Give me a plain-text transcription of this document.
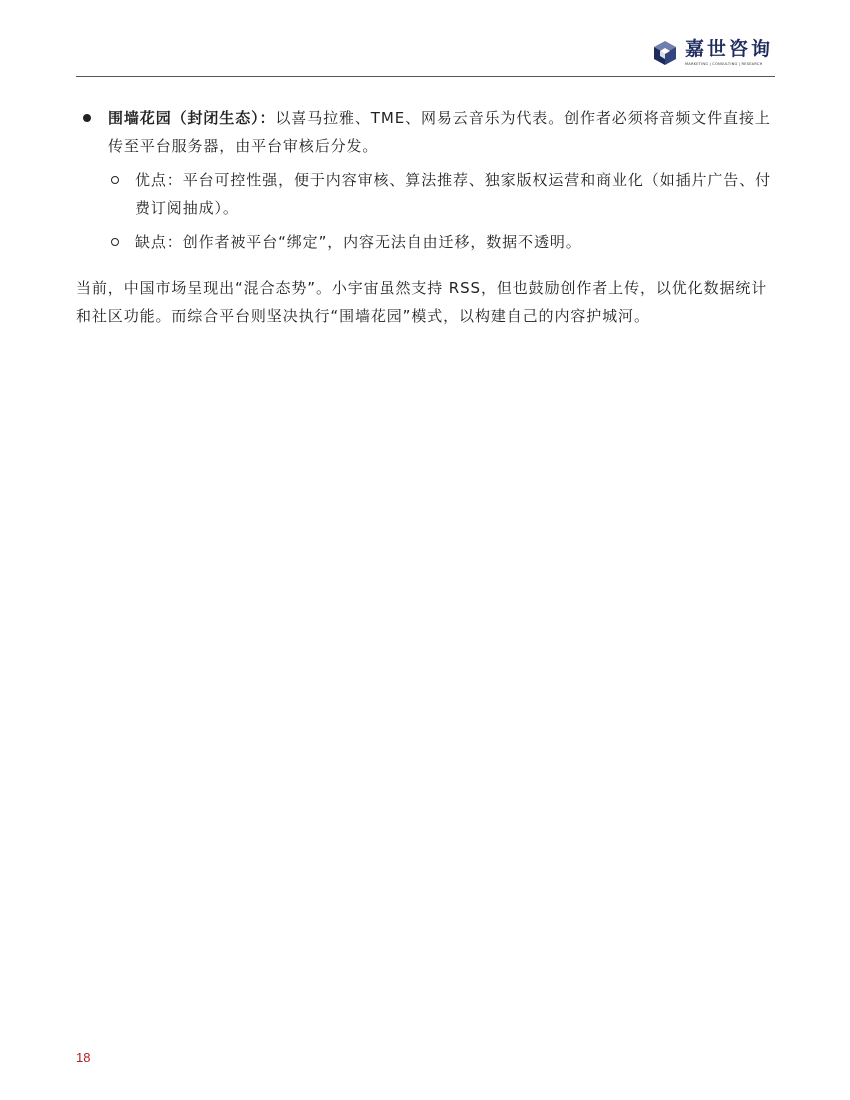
嘉世咨询
MARKETING | CONSULTING | RESEARCH
围墙花园（封闭生态）：以喜马拉雅、TME、网易云音乐为代表。创作者必须将音频文件直接上传至平台服务器，由平台审核后分发。
优点：平台可控性强，便于内容审核、算法推荐、独家版权运营和商业化（如插片广告、付费订阅抽成）。
缺点：创作者被平台“绑定”，内容无法自由迁移，数据不透明。

当前，中国市场呈现出“混合态势”。小宇宙虽然支持 RSS，但也鼓励创作者上传，以优化数据统计和社区功能。而综合平台则坚决执行“围墙花园”模式，以构建自己的内容护城河。

18
